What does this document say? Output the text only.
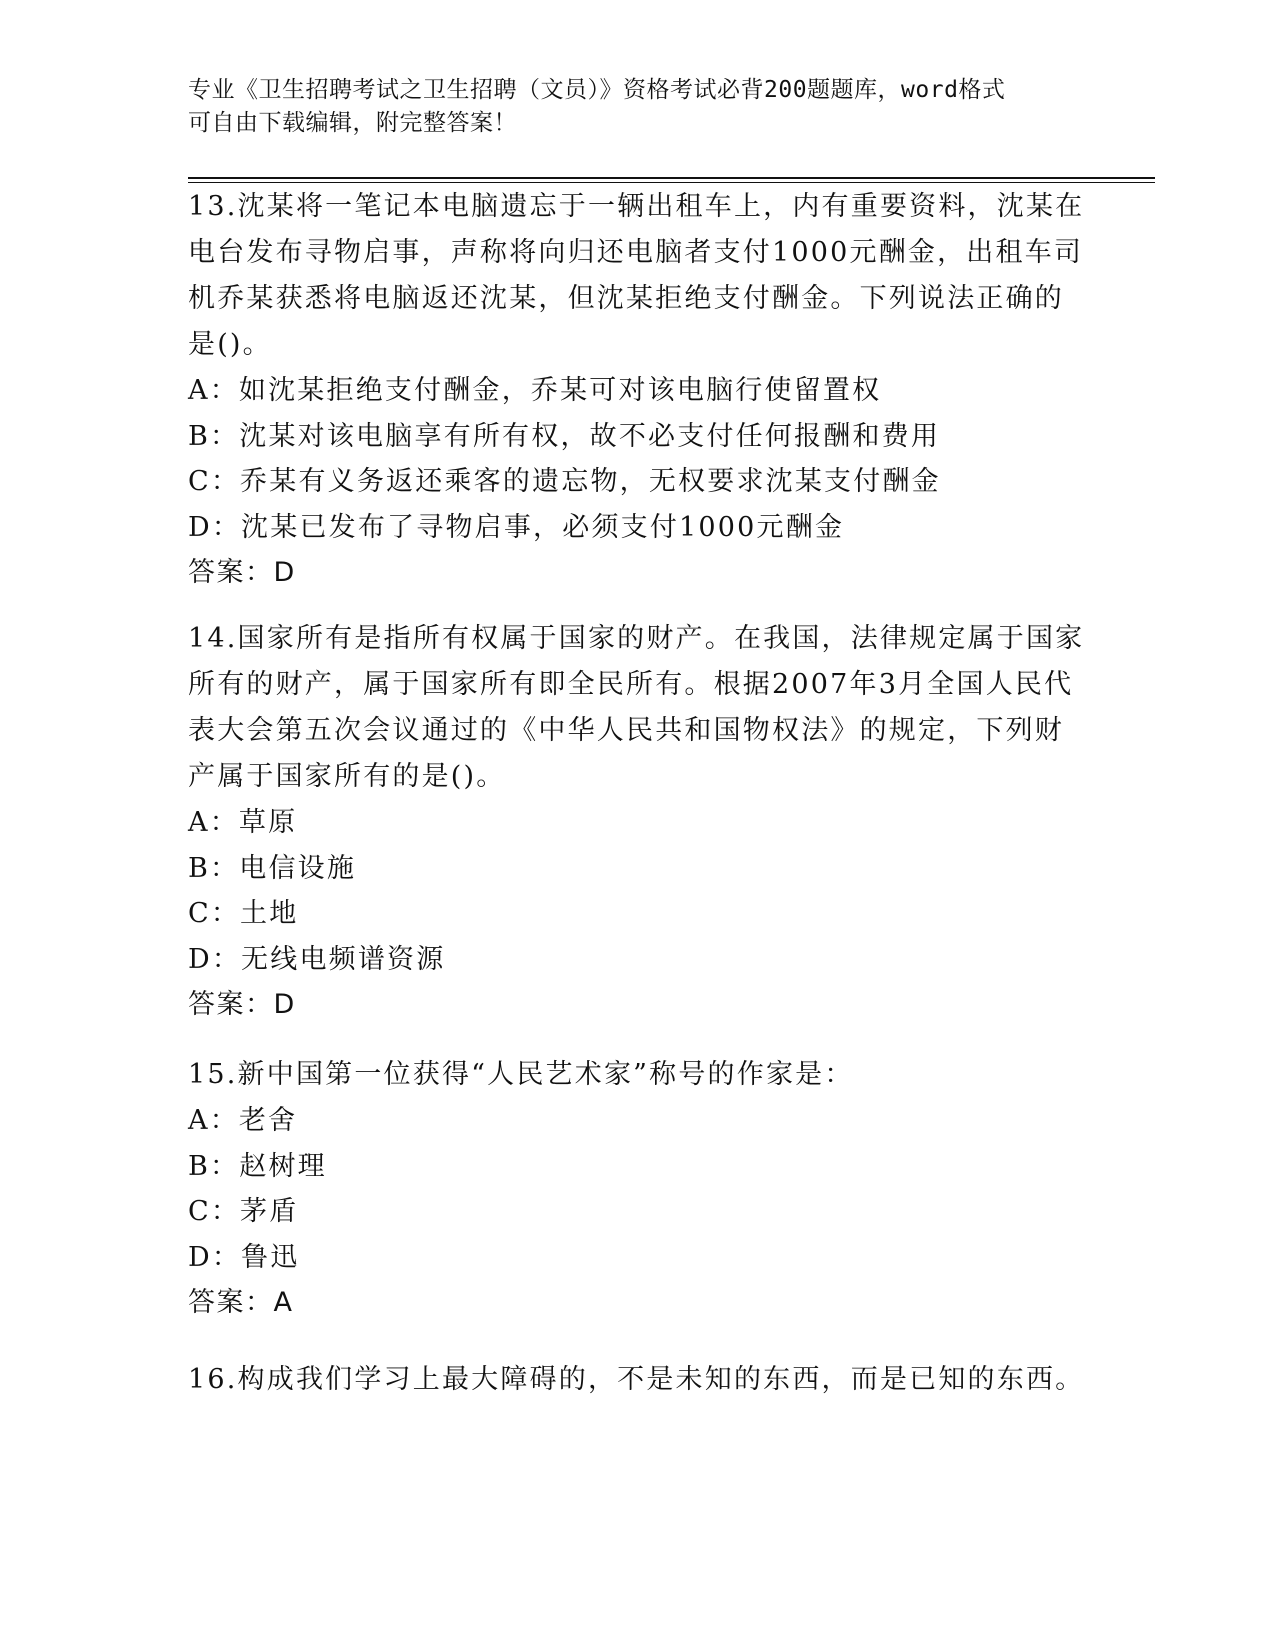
专业《卫生招聘考试之卫生招聘（文员）》资格考试必背200题题库，word格式
可自由下载编辑，附完整答案！

13.沈某将一笔记本电脑遗忘于一辆出租车上，内有重要资料，沈某在

电台发布寻物启事，声称将向归还电脑者支付1000元酬金，出租车司

机乔某获悉将电脑返还沈某，但沈某拒绝支付酬金。下列说法正确的

是()。

A：如沈某拒绝支付酬金，乔某可对该电脑行使留置权

B：沈某对该电脑享有所有权，故不必支付任何报酬和费用

C：乔某有义务返还乘客的遗忘物，无权要求沈某支付酬金

D：沈某已发布了寻物启事，必须支付1000元酬金

答案：D

14.国家所有是指所有权属于国家的财产。在我国，法律规定属于国家

所有的财产，属于国家所有即全民所有。根据2007年3月全国人民代

表大会第五次会议通过的《中华人民共和国物权法》的规定，下列财

产属于国家所有的是()。

A：草原

B：电信设施

C：土地

D：无线电频谱资源

答案：D

15.新中国第一位获得“人民艺术家”称号的作家是：

A：老舍

B：赵树理

C：茅盾

D：鲁迅

答案：A

16.构成我们学习上最大障碍的，不是未知的东西，而是已知的东西。
